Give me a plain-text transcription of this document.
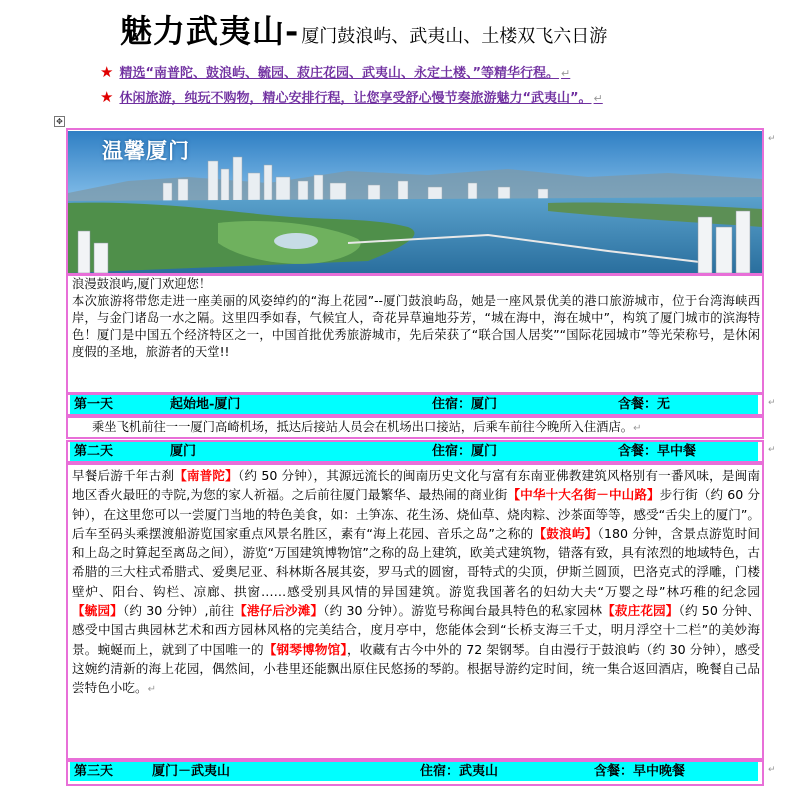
魅力武夷山- 厦门鼓浪屿、武夷山、土楼双飞六日游
★ 精选“南普陀、鼓浪屿、毓园、菽庄花园、武夷山、永定土楼、”等精华行程。 ↵
★ 休闲旅游，纯玩不购物，精心安排行程，让您享受舒心慢节奏旅游魅力“武夷山”。 ↵
✥
温馨厦门	↵
浪漫鼓浪屿,厦门欢迎您！
本次旅游将带您走进一座美丽的风姿绰约的“海上花园”--厦门鼓浪屿岛，她是一座风景优美的港口旅游城市，位于台湾海峡西岸，与金门诸岛一水之隔。这里四季如春，气候宜人，奇花异草遍地芬芳，“城在海中，海在城中”，构筑了厦门城市的滨海特色！厦门是中国五个经济特区之一，中国首批优秀旅游城市，先后荣获了“联合国人居奖”“国际花园城市”等光荣称号，是休闲度假的圣地，旅游者的天堂!!
第一天	起始地-厦门	住宿：厦门	含餐：无	↵
乘坐飞机前往一一厦门高崎机场，抵达后接站人员会在机场出口接站，后乘车前往今晚所入住酒店。↵
第二天	厦门	住宿：厦门	含餐：早中餐	↵
早餐后游千年古刹【南普陀】（约 50 分钟），其源远流长的闽南历史文化与富有东南亚佛教建筑风格别有一番风味，是闽南地区香火最旺的寺院,为您的家人祈福。之后前往厦门最繁华、最热闹的商业街【中华十大名街－中山路】步行街（约 60 分钟），在这里您可以一尝厦门当地的特色美食，如：土笋冻、花生汤、烧仙草、烧肉粽、沙茶面等等，感受“舌尖上的厦门”。后车至码头乘摆渡船游览国家重点风景名胜区，素有“海上花园、音乐之岛”之称的【鼓浪屿】（180 分钟，含景点游览时间和上岛之时算起至离岛之间），游览“万国建筑博物馆”之称的岛上建筑，欧美式建筑物，错落有致，具有浓烈的地域特色，古希腊的三大柱式希腊式、爱奥尼亚、科林斯各展其姿，罗马式的圆窗，哥特式的尖顶，伊斯兰圆顶，巴洛克式的浮雕，门楼壁炉、阳台、钩栏、凉廊、拱窗……感受别具风情的异国建筑。游览我国著名的妇幼大夫“万婴之母”林巧稚的纪念园【毓园】（约 30 分钟）,前往【港仔后沙滩】（约 30 分钟）。游览号称闽台最具特色的私家园林【菽庄花园】（约 50 分钟、感受中国古典园林艺术和西方园林风格的完美结合，度月亭中，您能体会到“长桥支海三千丈，明月浮空十二栏”的美妙海景。蜿蜒而上，就到了中国唯一的【钢琴博物馆】，收藏有古今中外的 72 架钢琴。自由漫行于鼓浪屿（约 30 分钟），感受这婉约清新的海上花园，偶然间，小巷里还能飘出原住民悠扬的琴韵。根据导游约定时间，统一集合返回酒店，晚餐自己品尝特色小吃。↵
第三天	厦门－武夷山	住宿：武夷山	含餐：早中晚餐	↵
